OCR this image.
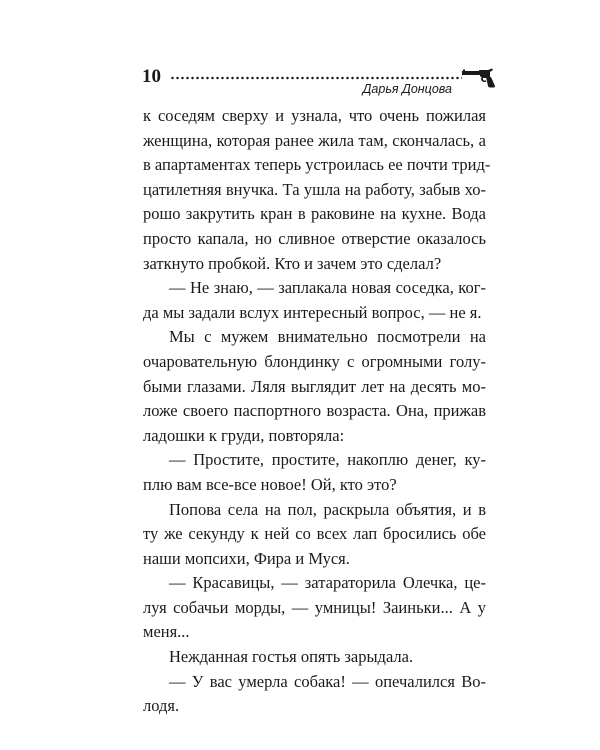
10
Дарья Донцова
к соседям сверху и узнала, что очень пожилая
женщина, которая ранее жила там, скончалась, а
в апартаментах теперь устроилась ее почти трид-
цатилетняя внучка. Та ушла на работу, забыв хо-
рошо закрутить кран в раковине на кухне. Вода
просто капала, но сливное отверстие оказалось
заткнуто пробкой. Кто и зачем это сделал?
— Не знаю, — заплакала новая соседка, ког-
да мы задали вслух интересный вопрос, — не я.
Мы с мужем внимательно посмотрели на
очаровательную блондинку с огромными голу-
быми глазами. Ляля выглядит лет на десять мо-
ложе своего паспортного возраста. Она, прижав
ладошки к груди, повторяла:
— Простите, простите, накоплю денег, ку-
плю вам все-все новое! Ой, кто это?
Попова села на пол, раскрыла объятия, и в
ту же секунду к ней со всех лап бросились обе
наши мопсихи, Фира и Муся.
— Красавицы, — затараторила Олечка, це-
луя собачьи морды, — умницы! Заиньки... А у
меня...
Нежданная гостья опять зарыдала.
— У вас умерла собака! — опечалился Во-
лодя.
